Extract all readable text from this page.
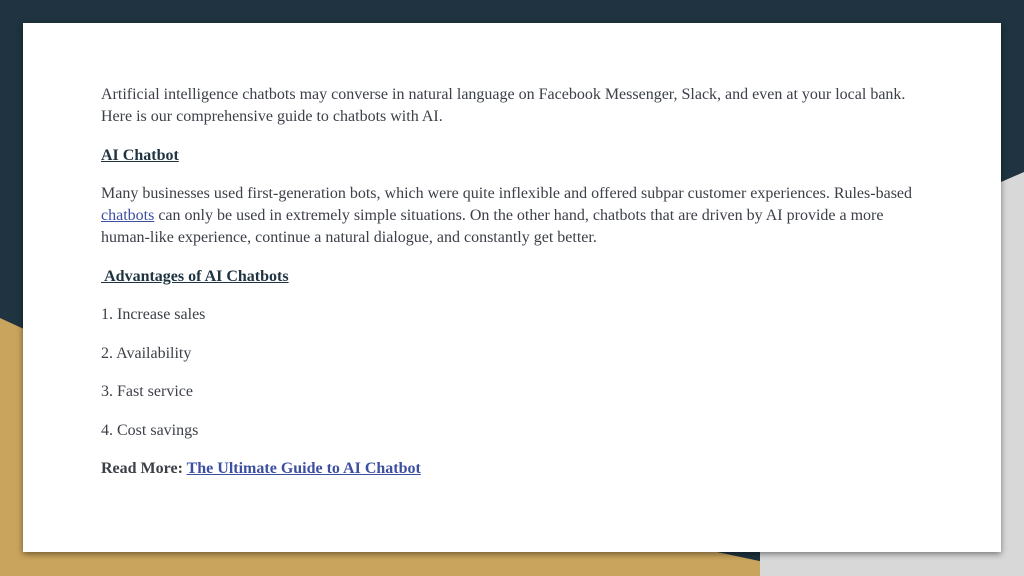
Artificial intelligence chatbots may converse in natural language on Facebook Messenger, Slack, and even at your local bank. Here is our comprehensive guide to chatbots with AI.

AI Chatbot

Many businesses used first-generation bots, which were quite inflexible and offered subpar customer experiences. Rules-based chatbots can only be used in extremely simple situations. On the other hand, chatbots that are driven by AI provide a more human-like experience, continue a natural dialogue, and constantly get better.

Advantages of AI Chatbots

1. Increase sales

2. Availability

3. Fast service

4. Cost savings

Read More: The Ultimate Guide to AI Chatbot
